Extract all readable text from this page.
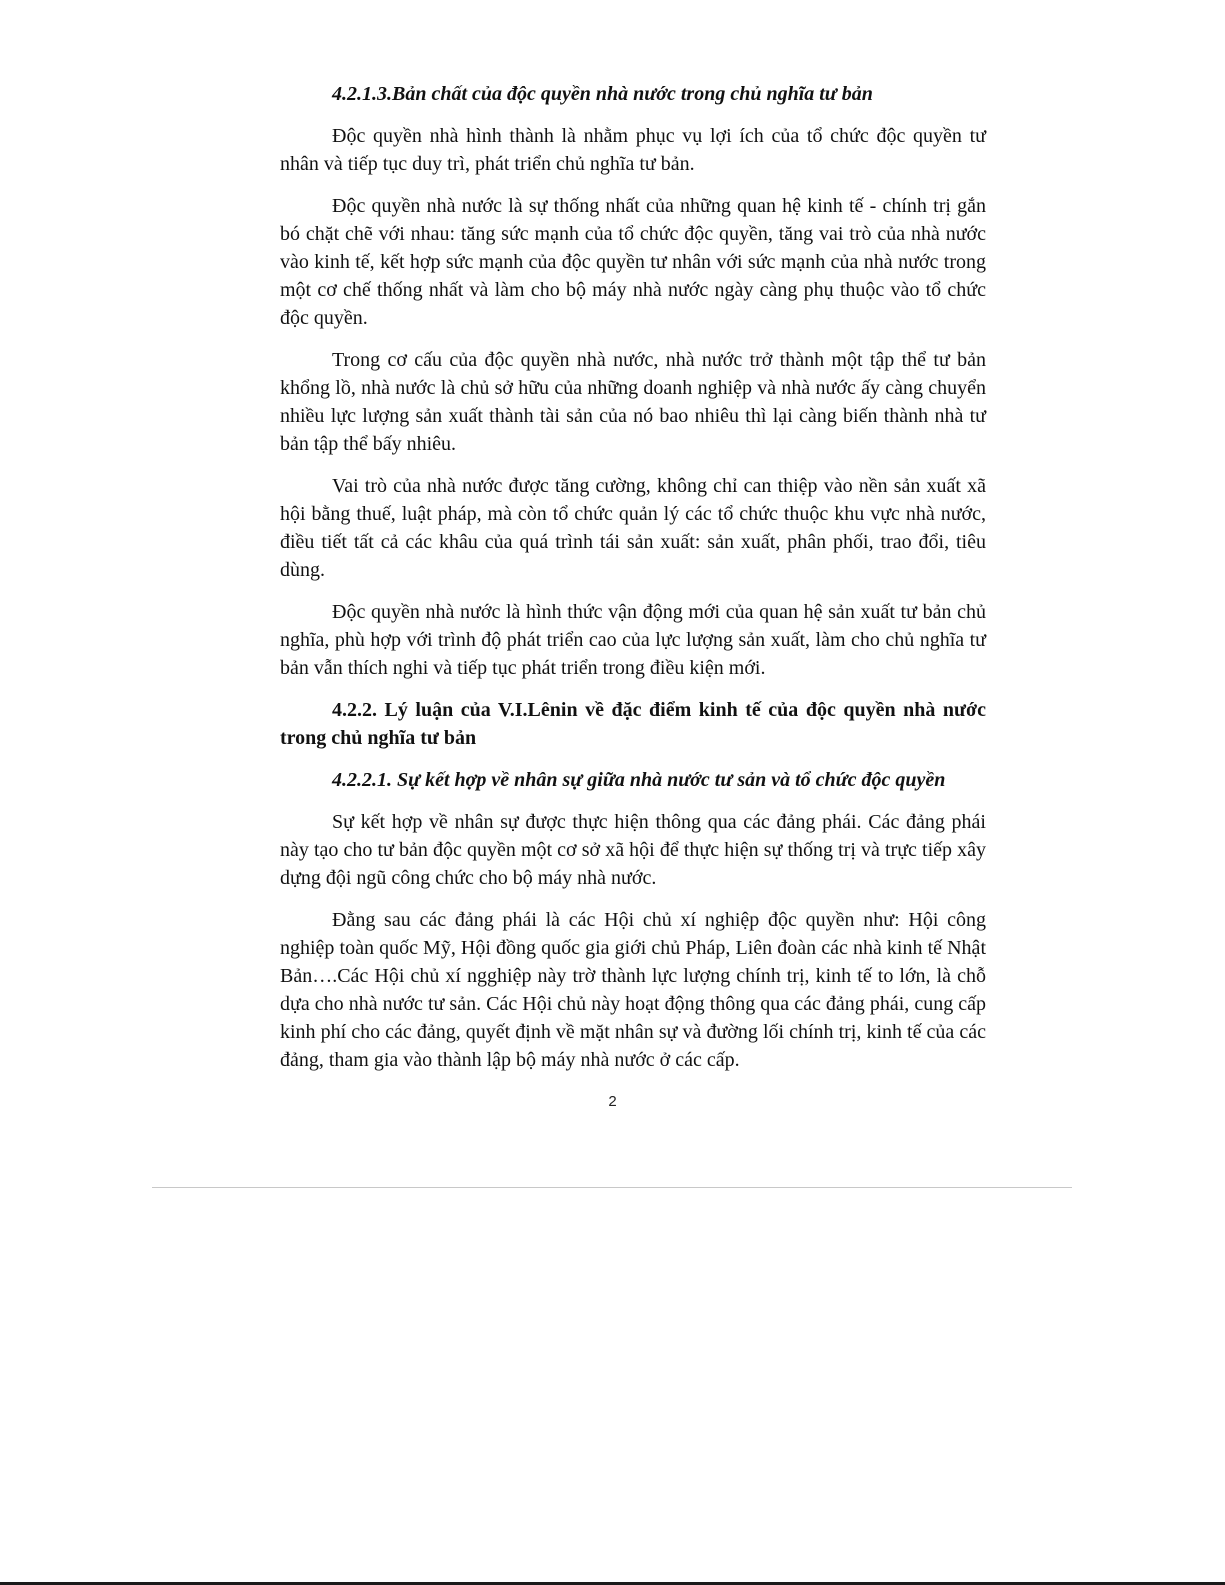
4.2.1.3.Bản chất của độc quyền nhà nước trong chủ nghĩa tư bản

Độc quyền nhà hình thành là nhằm phục vụ lợi ích của tổ chức độc quyền tư nhân và tiếp tục duy trì, phát triển chủ nghĩa tư bản.

Độc quyền nhà nước là sự thống nhất của những quan hệ kinh tế - chính trị gắn bó chặt chẽ với nhau: tăng sức mạnh của tổ chức độc quyền, tăng vai trò của nhà nước vào kinh tế, kết hợp sức mạnh của độc quyền tư nhân với sức mạnh của nhà nước trong một cơ chế thống nhất và làm cho bộ máy nhà nước ngày càng phụ thuộc vào tổ chức độc quyền.

Trong cơ cấu của độc quyền nhà nước, nhà nước trở thành một tập thể tư bản khổng lồ, nhà nước là chủ sở hữu của những doanh nghiệp và nhà nước ấy càng chuyển nhiều lực lượng sản xuất thành tài sản của nó bao nhiêu thì lại càng biến thành nhà tư bản tập thể bấy nhiêu.

Vai trò của nhà nước được tăng cường, không chỉ can thiệp vào nền sản xuất xã hội bằng thuế, luật pháp, mà còn tổ chức quản lý các tổ chức thuộc khu vực nhà nước, điều tiết tất cả các khâu của quá trình tái sản xuất: sản xuất, phân phối, trao đổi, tiêu dùng.

Độc quyền nhà nước là hình thức vận động mới của quan hệ sản xuất tư bản chủ nghĩa, phù hợp với trình độ phát triển cao của lực lượng sản xuất, làm cho chủ nghĩa tư bản vẫn thích nghi và tiếp tục phát triển trong điều kiện mới.

4.2.2. Lý luận của V.I.Lênin về đặc điểm kinh tế của độc quyền nhà nước trong chủ nghĩa tư bản

4.2.2.1. Sự kết hợp về nhân sự giữa nhà nước tư sản và tổ chức độc quyền

Sự kết hợp về nhân sự được thực hiện thông qua các đảng phái. Các đảng phái này tạo cho tư bản độc quyền một cơ sở xã hội để thực hiện sự thống trị và trực tiếp xây dựng đội ngũ công chức cho bộ máy nhà nước.

Đằng sau các đảng phái là các Hội chủ xí nghiệp độc quyền như: Hội công nghiệp toàn quốc Mỹ, Hội đồng quốc gia giới chủ Pháp, Liên đoàn các nhà kinh tế Nhật Bản….Các Hội chủ xí ngghiệp này trờ thành lực lượng chính trị, kinh tế to lớn, là chỗ dựa cho nhà nước tư sản. Các Hội chủ này hoạt động thông qua các đảng phái, cung cấp kinh phí cho các đảng, quyết định về mặt nhân sự và đường lối chính trị, kinh tế của các đảng, tham gia vào thành lập bộ máy nhà nước ở các cấp.

2
